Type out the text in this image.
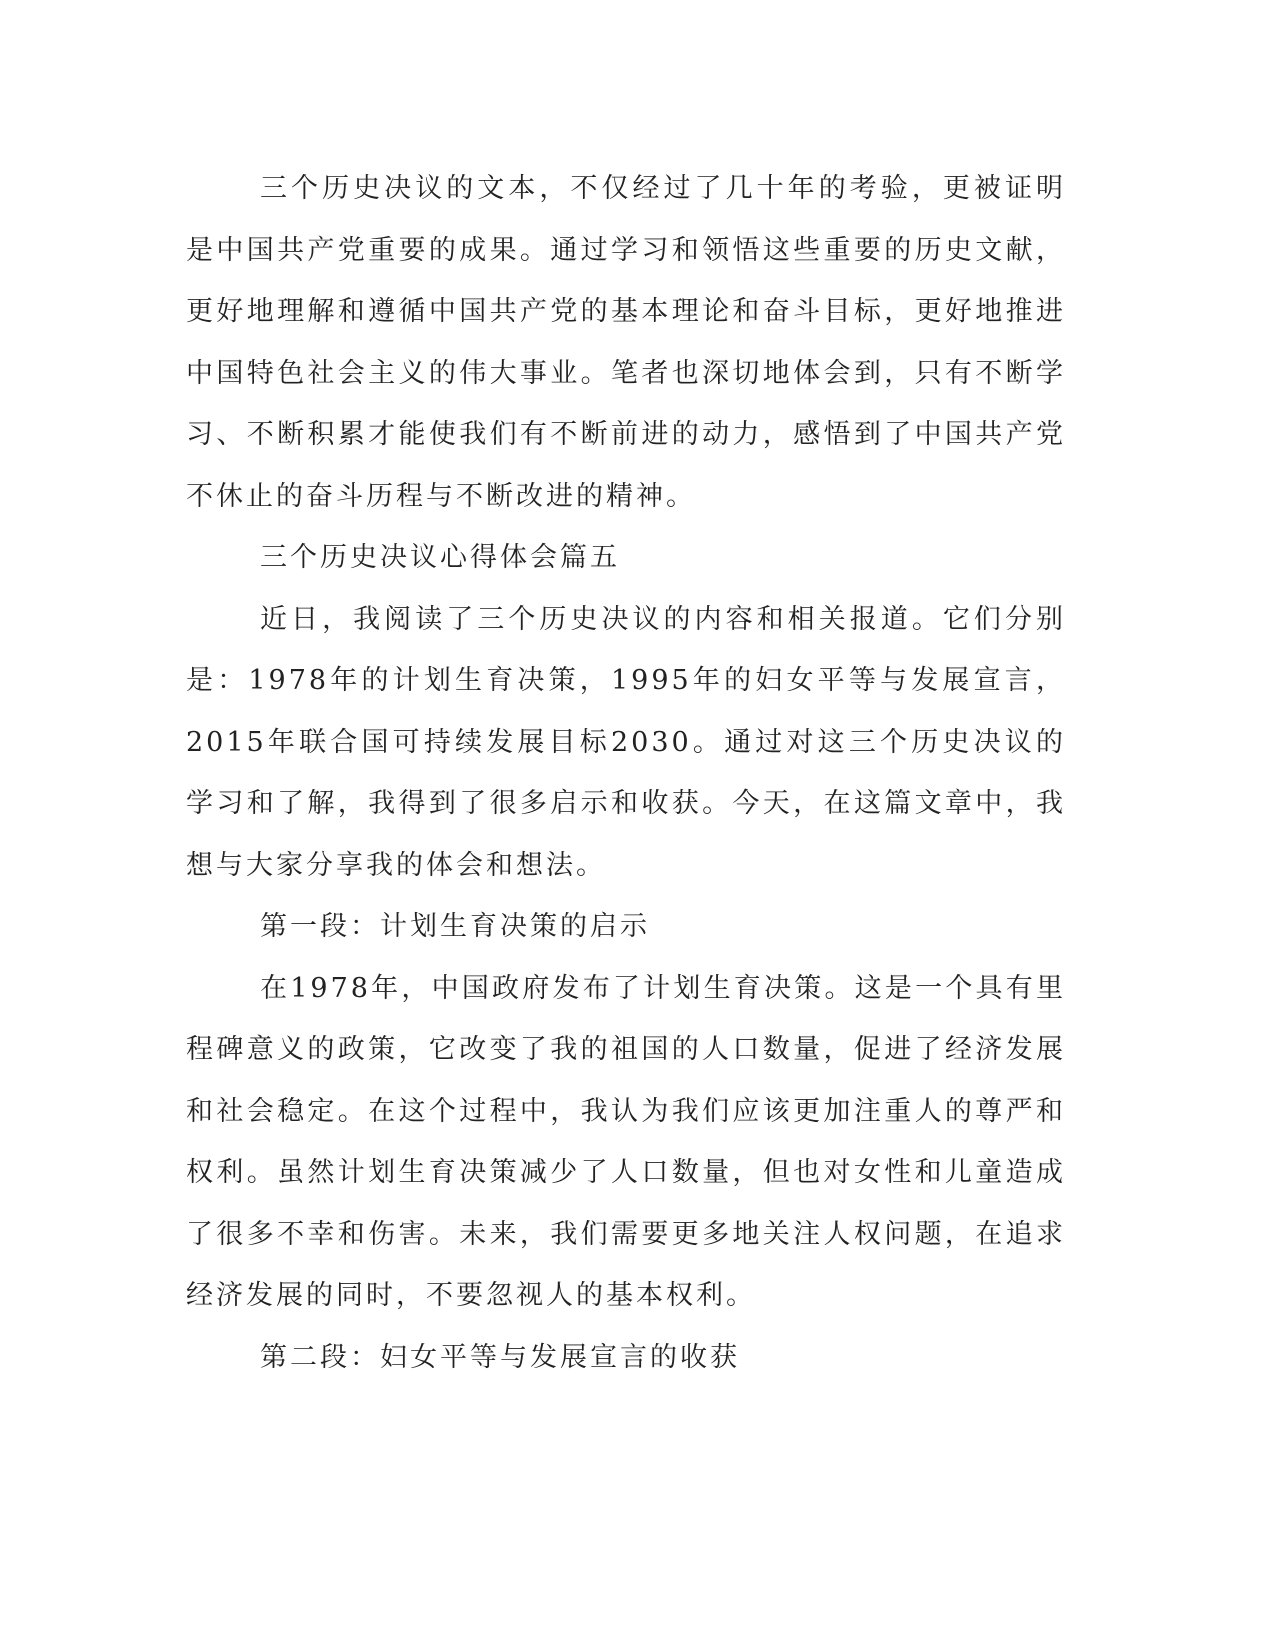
三个历史决议的文本，不仅经过了几十年的考验，更被证明是中国共产党重要的成果。通过学习和领悟这些重要的历史文献，更好地理解和遵循中国共产党的基本理论和奋斗目标，更好地推进中国特色社会主义的伟大事业。笔者也深切地体会到，只有不断学习、不断积累才能使我们有不断前进的动力，感悟到了中国共产党不休止的奋斗历程与不断改进的精神。

三个历史决议心得体会篇五

近日，我阅读了三个历史决议的内容和相关报道。它们分别是：1978年的计划生育决策，1995年的妇女平等与发展宣言，2015年联合国可持续发展目标2030。通过对这三个历史决议的学习和了解，我得到了很多启示和收获。今天，在这篇文章中，我想与大家分享我的体会和想法。

第一段：计划生育决策的启示

在1978年，中国政府发布了计划生育决策。这是一个具有里程碑意义的政策，它改变了我的祖国的人口数量，促进了经济发展和社会稳定。在这个过程中，我认为我们应该更加注重人的尊严和权利。虽然计划生育决策减少了人口数量，但也对女性和儿童造成了很多不幸和伤害。未来，我们需要更多地关注人权问题，在追求经济发展的同时，不要忽视人的基本权利。

第二段：妇女平等与发展宣言的收获
